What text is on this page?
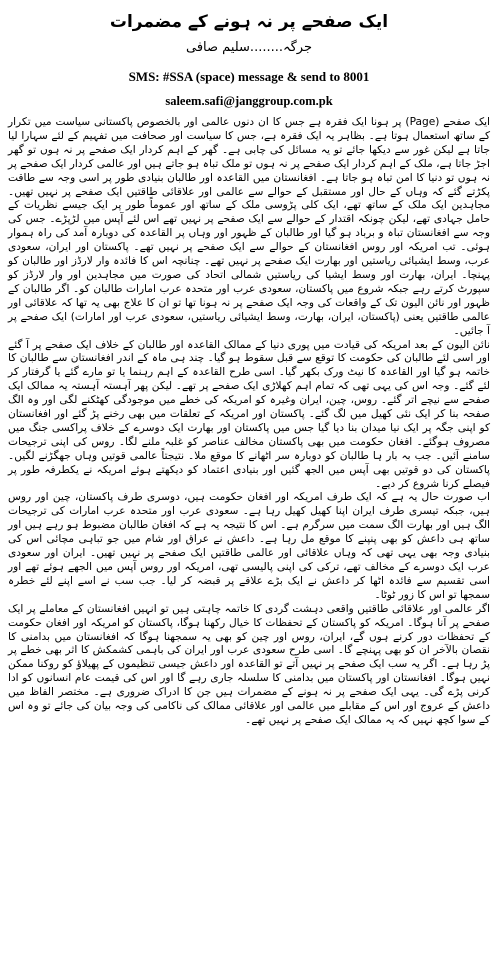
ایک صفحے پر نہ ہونے کے مضمرات
جرگہ........سلیم صافی
SMS: #SSA (space) message & send to 8001
saleem.safi@janggroup.com.pk

ایک صفحے (Page) پر ہونا ایک فقرہ ہے جس کا ان دنوں عالمی اور بالخصوص پاکستانی سیاست میں تکرار کے ساتھ استعمال ہوتا ہے۔ بظاہر یہ ایک فقرہ ہے، جس کا سیاست اور صحافت میں تفہیم کے لئے سہارا لیا جاتا ہے لیکن غور سے دیکھا جائے تو یہ مسائل کی چابی ہے۔ گھر کے اہم کردار ایک صفحے پر نہ ہوں تو گھر اجڑ جاتا ہے، ملک کے اہم کردار ایک صفحے پر نہ ہوں تو ملک تباہ ہو جاتے ہیں اور عالمی کردار ایک صفحے پر نہ ہوں تو دنیا کا امن تباہ ہو جاتا ہے۔ افغانستان میں القاعدہ اور طالبان بنیادی طور پر اسی وجہ سے طاقت پکڑتے گئے کہ وہاں کے حال اور مستقبل کے حوالے سے عالمی اور علاقائی طاقتیں ایک صفحے پر نہیں تھیں۔ مجاہدین ایک ملک کے ساتھ تھے، ایک کلی پڑوسی ملک کے ساتھ اور عموماً طور پر ایک جیسے نظریات کے حامل جہادی تھے، لیکن چونکہ اقتدار کے حوالے سے ایک صفحے پر نہیں تھے اس لئے آپس میں لڑپڑے۔ جس کی وجہ سے افغانستان تباہ و برباد ہو گیا اور طالبان کے ظہور اور وہاں پر القاعدہ کی دوبارہ آمد کی راہ ہموار ہوئی۔ تب امریکہ اور روس افغانستان کے حوالے سے ایک صفحے پر نہیں تھے۔ پاکستان اور ایران، سعودی عرب، وسط ایشیائی ریاستیں اور بھارت ایک صفحے پر نہیں تھے۔ چنانچہ اس کا فائدہ وار لارڈز اور طالبان کو پہنچا۔ ایران، بھارت اور وسط ایشیا کی ریاستیں شمالی اتحاد کی صورت میں مجاہدین اور وار لارڈز کو سپورٹ کرتے رہے جبکہ شروع میں پاکستان، سعودی عرب اور متحدہ عرب امارات طالبان کو۔ اگر طالبان کے ظہور اور نائن الیون تک کے واقعات کی وجہ ایک صفحے پر نہ ہونا تھا تو ان کا علاج بھی یہ تھا کہ علاقائی اور عالمی طاقتیں یعنی (پاکستان، ایران، بھارت، وسط ایشیائی ریاستیں، سعودی عرب اور امارات) ایک صفحے پر آ جائیں۔

نائن الیون کے بعد امریکہ کی قیادت میں پوری دنیا کے ممالک القاعدہ اور طالبان کے خلاف ایک صفحے پر آ گئے اور اسی لئے طالبان کی حکومت کا توقع سے قبل سقوط ہو گیا۔ چند ہی ماہ کے اندر افغانستان سے طالبان کا خاتمہ ہو گیا اور القاعدہ کا نیٹ ورک بکھر گیا۔ اسی طرح القاعدہ کے اہم رہنما یا تو مارے گئے یا گرفتار کر لئے گئے۔ وجہ اس کی یہی تھی کہ تمام اہم کھلاڑی ایک صفحے پر تھے۔ لیکن پھر آہستہ آہستہ یہ ممالک ایک صفحے سے نیچے اتر گئے۔ روس، چین، ایران وغیرہ کو امریکہ کی خطے میں موجودگی کھٹکنے لگی اور وہ الگ صفحہ بنا کر ایک نئی کھیل میں لگ گئے۔ پاکستان اور امریکہ کے تعلقات میں بھی رخنے پڑ گئے اور افغانستان کو اپنی جگہ پر ایک نیا میدان بنا دیا گیا جس میں پاکستان اور بھارت ایک دوسرے کے خلاف پراکسی جنگ میں مصروف ہوگئے۔ افغان حکومت میں بھی پاکستان مخالف عناصر کو غلبہ ملنے لگا۔ روس کی اپنی ترجیحات سامنے آئیں۔ جب بہ بار ہا طالبان کو دوبارہ سر اٹھانے کا موقع ملا۔ نتیجتاً عالمی قوتیں وہاں جھگڑنے لگیں۔ پاکستان کی دو قوتیں بھی آپس میں الجھ گئیں اور بنیادی اعتماد کو دیکھتے ہوئے امریکہ نے یکطرفہ طور پر فیصلے کرنا شروع کر دیے۔

اب صورت حال یہ ہے کہ ایک طرف امریکہ اور افغان حکومت ہیں، دوسری طرف پاکستان، چین اور روس ہیں، جبکہ تیسری طرف ایران اپنا کھیل کھیل رہا ہے۔ سعودی عرب اور متحدہ عرب امارات کی ترجیحات الگ ہیں اور بھارت الگ سمت میں سرگرم ہے۔ اس کا نتیجہ یہ ہے کہ افغان طالبان مضبوط ہو رہے ہیں اور ساتھ ہی داعش کو بھی پنپنے کا موقع مل رہا ہے۔ داعش نے عراق اور شام میں جو تباہی مچائی اس کی بنیادی وجہ بھی یہی تھی کہ وہاں علاقائی اور عالمی طاقتیں ایک صفحے پر نہیں تھیں۔ ایران اور سعودی عرب ایک دوسرے کے مخالف تھے، ترکی کی اپنی پالیسی تھی، امریکہ اور روس آپس میں الجھے ہوئے تھے اور اسی تقسیم سے فائدہ اٹھا کر داعش نے ایک بڑے علاقے پر قبضہ کر لیا۔ جب سب نے اسے اپنے لئے خطرہ سمجھا تو اس کا زور ٹوٹا۔

اگر عالمی اور علاقائی طاقتیں واقعی دہشت گردی کا خاتمہ چاہتی ہیں تو انہیں افغانستان کے معاملے پر ایک صفحے پر آنا ہوگا۔ امریکہ کو پاکستان کے تحفظات کا خیال رکھنا ہوگا، پاکستان کو امریکہ اور افغان حکومت کے تحفظات دور کرنے ہوں گے، ایران، روس اور چین کو بھی یہ سمجھنا ہوگا کہ افغانستان میں بدامنی کا نقصان بالآخر ان کو بھی پہنچے گا۔ اسی طرح سعودی عرب اور ایران کی باہمی کشمکش کا اثر بھی خطے پر پڑ رہا ہے۔ اگر یہ سب ایک صفحے پر نہیں آتے تو القاعدہ اور داعش جیسی تنظیموں کے پھیلاؤ کو روکنا ممکن نہیں ہوگا۔ افغانستان اور پاکستان میں بدامنی کا سلسلہ جاری رہے گا اور اس کی قیمت عام انسانوں کو ادا کرنی پڑے گی۔ یہی ایک صفحے پر نہ ہونے کے مضمرات ہیں جن کا ادراک ضروری ہے۔ مختصر الفاظ میں داعش کے عروج اور اس کے مقابلے میں عالمی اور علاقائی ممالک کی ناکامی کی وجہ بیان کی جائے تو وہ اس کے سوا کچھ نہیں کہ یہ ممالک ایک صفحے پر نہیں تھے۔
